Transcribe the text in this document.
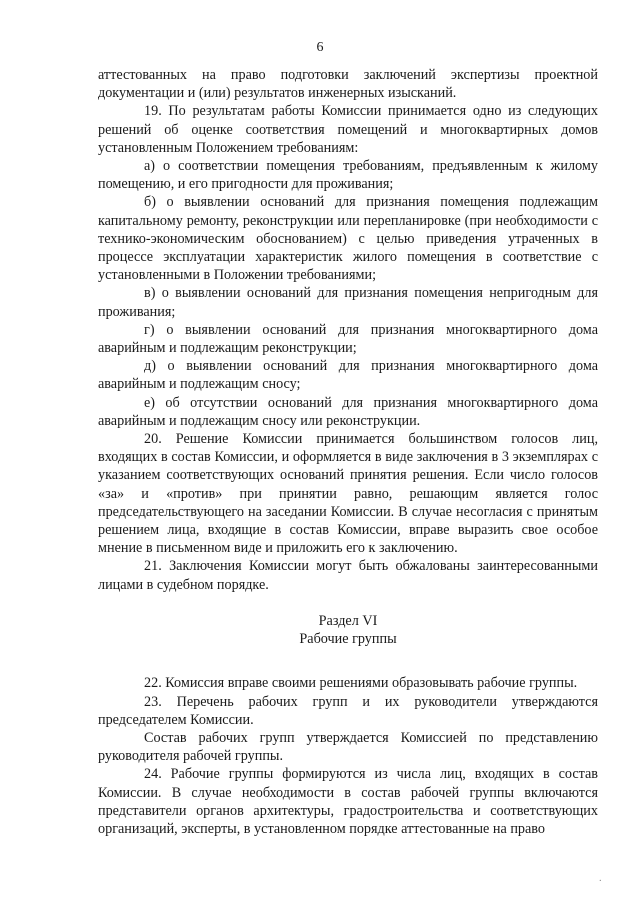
6

аттестованных на право подготовки заключений экспертизы проектной документации и (или) результатов инженерных изысканий.

19. По результатам работы Комиссии принимается одно из следующих решений об оценке соответствия помещений и многоквартирных домов установленным Положением требованиям:

а) о соответствии помещения требованиям, предъявленным к жилому помещению, и его пригодности для проживания;

б) о выявлении оснований для признания помещения подлежащим капитальному ремонту, реконструкции или перепланировке (при необходимости с технико-экономическим обоснованием) с целью приведения утраченных в процессе эксплуатации характеристик жилого помещения в соответствие с установленными в Положении требованиями;

в) о выявлении оснований для признания помещения непригодным для проживания;

г) о выявлении оснований для признания многоквартирного дома аварийным и подлежащим реконструкции;

д) о выявлении оснований для признания многоквартирного дома аварийным и подлежащим сносу;

е) об отсутствии оснований для признания многоквартирного дома аварийным и подлежащим сносу или реконструкции.

20. Решение Комиссии принимается большинством голосов лиц, входящих в состав Комиссии, и оформляется в виде заключения в 3 экземплярах с указанием соответствующих оснований принятия решения. Если число голосов «за» и «против» при принятии равно, решающим является голос председательствующего на заседании Комиссии. В случае несогласия с принятым решением лица, входящие в состав Комиссии, вправе выразить свое особое мнение в письменном виде и приложить его к заключению.

21. Заключения Комиссии могут быть обжалованы заинтересованными лицами в судебном порядке.

Раздел VI

Рабочие группы

22. Комиссия вправе своими решениями образовывать рабочие группы.

23. Перечень рабочих групп и их руководители утверждаются председателем Комиссии.

Состав рабочих групп утверждается Комиссией по представлению руководителя рабочей группы.

24. Рабочие группы формируются из числа лиц, входящих в состав Комиссии. В случае необходимости в состав рабочей группы включаются представители органов архитектуры, градостроительства и соответствующих организаций, эксперты, в установленном порядке аттестованные на право

·
